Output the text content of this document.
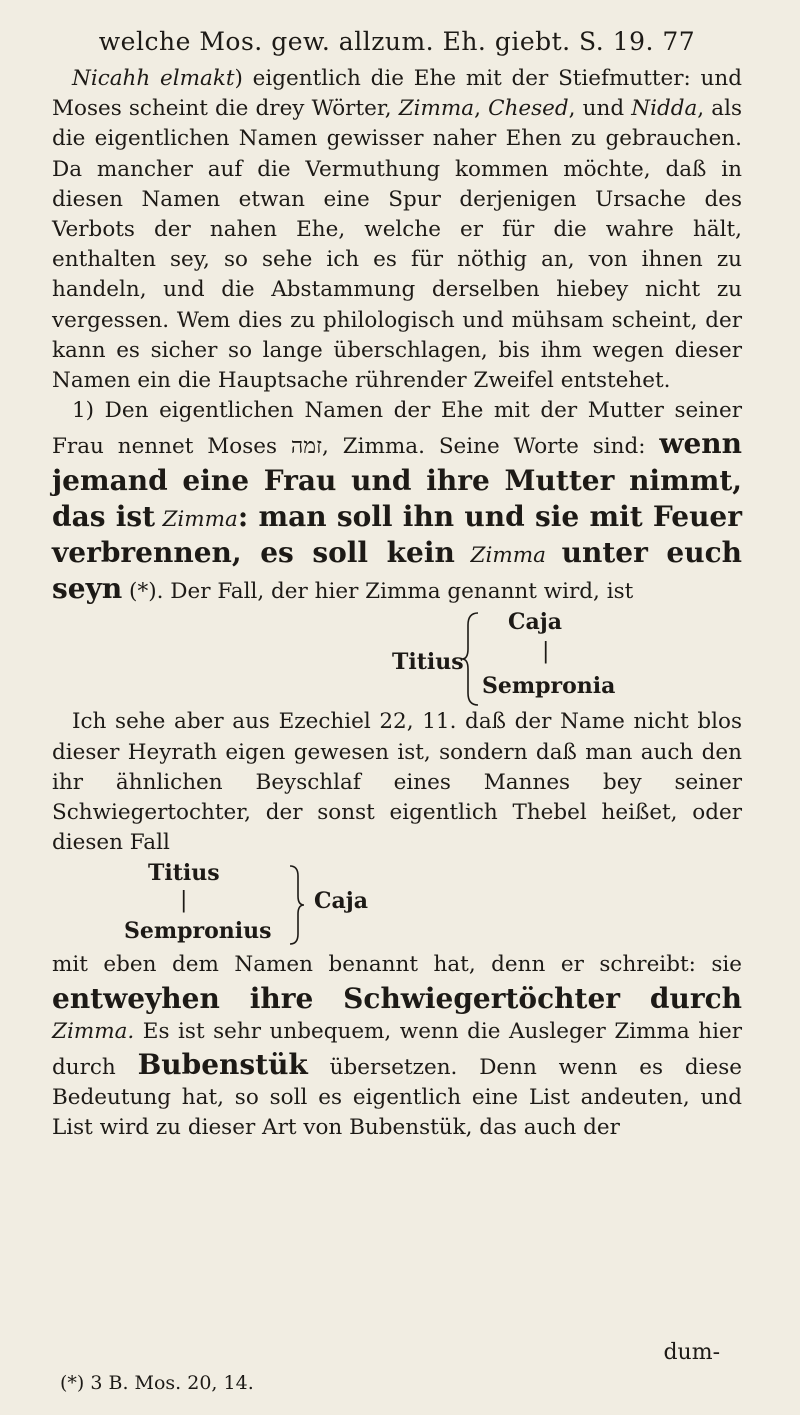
welche Mos. gew. allzum. Eh. giebt. S. 19. 77

Nicahh elmakt) eigentlich die Ehe mit der Stiefmutter: und Moses scheint die drey Wörter, Zimma, Chesed, und Nidda, als die eigentlichen Namen gewisser naher Ehen zu gebrauchen. Da mancher auf die Vermuthung kommen möchte, daß in diesen Namen etwan eine Spur derjenigen Ursache des Verbots der nahen Ehe, welche er für die wahre hält, enthalten sey, so sehe ich es für nöthig an, von ihnen zu handeln, und die Abstammung derselben hiebey nicht zu vergessen. Wem dies zu philologisch und mühsam scheint, der kann es sicher so lange überschlagen, bis ihm wegen dieser Namen ein die Hauptsache rührender Zweifel entstehet.

1) Den eigentlichen Namen der Ehe mit der Mutter seiner Frau nennet Moses זמה, Zimma. Seine Worte sind: wenn jemand eine Frau und ihre Mutter nimmt, das ist Zimma: man soll ihn und sie mit Feuer verbrennen, es soll kein Zimma unter euch seyn (*). Der Fall, der hier Zimma genannt wird, ist

Titius
Caja
|
Sempronia

Ich sehe aber aus Ezechiel 22, 11. daß der Name nicht blos dieser Heyrath eigen gewesen ist, sondern daß man auch den ihr ähnlichen Beyschlaf eines Mannes bey seiner Schwiegertochter, der sonst eigentlich Thebel heißet, oder diesen Fall

Titius
|
Sempronius
Caja

mit eben dem Namen benannt hat, denn er schreibt: sie entweyhen ihre Schwiegertöchter durch Zimma. Es ist sehr unbequem, wenn die Ausleger Zimma hier durch Bubenstük übersetzen. Denn wenn es diese Bedeutung hat, so soll es eigentlich eine List andeuten, und List wird zu dieser Art von Bubenstük, das auch der

dum-
(*) 3 B. Mos. 20, 14.
